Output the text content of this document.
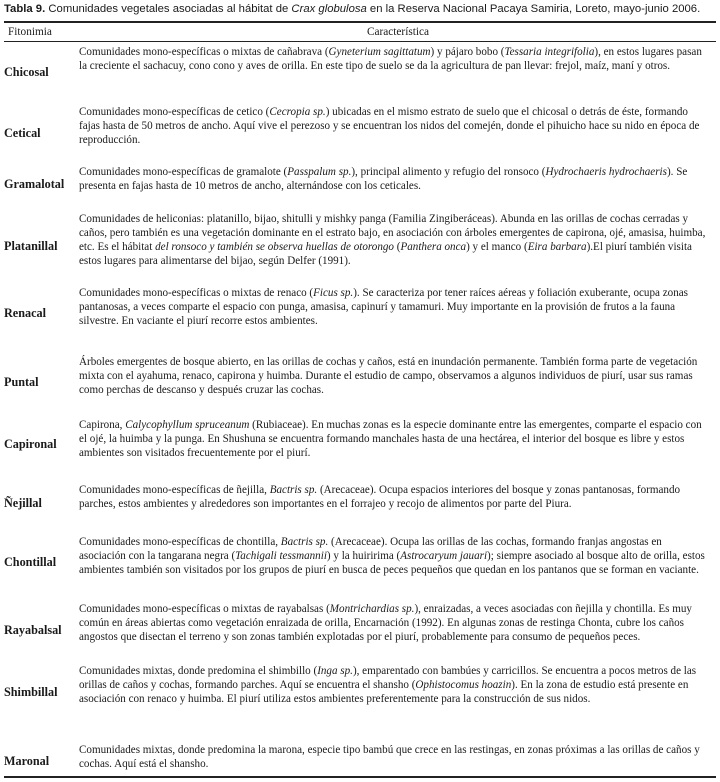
Tabla 9. Comunidades vegetales asociadas al hábitat de Crax globulosa en la Reserva Nacional Pacaya Samiria, Loreto, mayo-junio 2006.
Fitonimia	Característica
Chicosal
Comunidades mono-específicas o mixtas de cañabrava (Gyneterium sagittatum) y pájaro bobo (Tessaria integrifolia), en estos lugares pasan la creciente el sachacuy, cono cono y aves de orilla. En este tipo de suelo se da la agricultura de pan llevar: frejol, maíz, maní y otros.
Cetical
Comunidades mono-específicas de cetico (Cecropia sp.) ubicadas en el mismo estrato de suelo que el chicosal o detrás de éste, formando fajas hasta de 50 metros de ancho. Aquí vive el perezoso y se encuentran los nidos del comején, donde el pihuicho hace su nido en época de reproducción.
Gramalotal
Comunidades mono-específicas de gramalote (Passpalum sp.), principal alimento y refugio del ronsoco (Hydrochaeris hydrochaeris). Se presenta en fajas hasta de 10 metros de ancho, alternándose con los ceticales.
Platanillal
Comunidades de heliconias: platanillo, bijao, shitulli y mishky panga (Familia Zingiberáceas). Abunda en las orillas de cochas cerradas y caños, pero también es una vegetación dominante en el estrato bajo, en asociación con árboles emergentes de capirona, ojé, amasisa, huimba, etc. Es el hábitat del ronsoco y también se observa huellas de otorongo (Panthera onca) y el manco (Eira barbara).El piurí también visita estos lugares para alimentarse del bijao, según Delfer (1991).
Renacal
Comunidades mono-específicas o mixtas de renaco (Ficus sp.). Se caracteriza por tener raíces aéreas y foliación exuberante, ocupa zonas pantanosas, a veces comparte el espacio con punga, amasisa, capinurí y tamamuri. Muy importante en la provisión de frutos a la fauna silvestre. En vaciante el piurí recorre estos ambientes.
Puntal
Árboles emergentes de bosque abierto, en las orillas de cochas y caños, está en inundación permanente. También forma parte de vegetación mixta con el ayahuma, renaco, capirona y huimba. Durante el estudio de campo, observamos a algunos individuos de piurí, usar sus ramas como perchas de descanso y después cruzar las cochas.
Capironal
Capirona, Calycophyllum spruceanum (Rubiaceae). En muchas zonas es la especie dominante entre las emergentes, comparte el espacio con el ojé, la huimba y la punga. En Shushuna se encuentra formando manchales hasta de una hectárea, el interior del bosque es libre y estos ambientes son visitados frecuentemente por el piurí.
Ñejillal
Comunidades mono-específicas de ñejilla, Bactris sp. (Arecaceae). Ocupa espacios interiores del bosque y zonas pantanosas, formando parches, estos ambientes y alrededores son importantes en el forrajeo y recojo de alimentos por parte del Piura.
Chontillal
Comunidades mono-específicas de chontilla, Bactris sp. (Arecaceae). Ocupa las orillas de las cochas, formando franjas angostas en asociación con la tangarana negra (Tachigali tessmannii) y la huiririma (Astrocaryum jauari); siempre asociado al bosque alto de orilla, estos ambientes también son visitados por los grupos de piurí en busca de peces pequeños que quedan en los pantanos que se forman en vaciante.
Rayabalsal
Comunidades mono-específicas o mixtas de rayabalsas (Montrichardias sp.), enraizadas, a veces asociadas con ñejilla y chontilla. Es muy común en áreas abiertas como vegetación enraizada de orilla, Encarnación (1992). En algunas zonas de restinga Chonta, cubre los caños angostos que disectan el terreno y son zonas también explotadas por el piurí, probablemente para consumo de pequeños peces.
Shimbillal
Comunidades mixtas, donde predomina el shimbillo (Inga sp.), emparentado con bambúes y carricillos. Se encuentra a pocos metros de las orillas de caños y cochas, formando parches. Aquí se encuentra el shansho (Ophistocomus hoazin). En la zona de estudio está presente en asociación con renaco y huimba. El piurí utiliza estos ambientes preferentemente para la construcción de sus nidos.
Maronal
Comunidades mixtas, donde predomina la marona, especie tipo bambú que crece en las restingas, en zonas próximas a las orillas de caños y cochas. Aquí está el shansho.
